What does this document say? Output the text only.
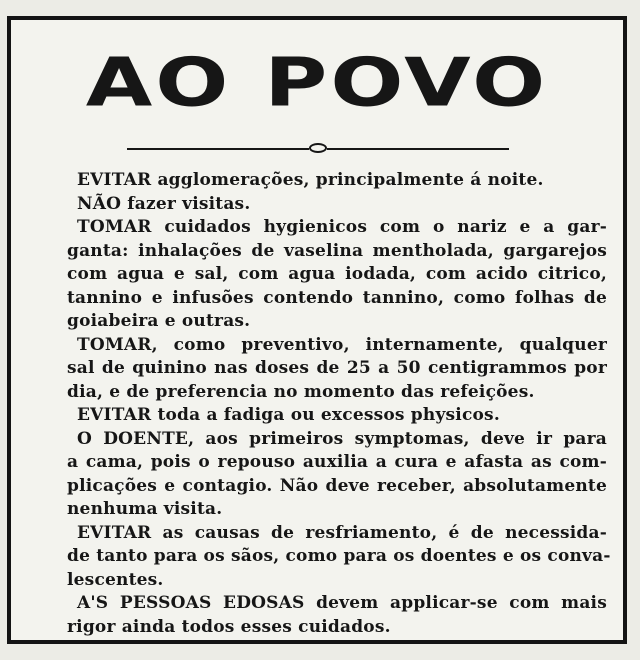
AO POVO
EVITAR agglomerações, principalmente á noite.
NÃO fazer visitas.
TOMAR cuidados hygienicos com o nariz e a gar-
ganta: inhalações de vaselina mentholada, gargarejos
com agua e sal, com agua iodada, com acido citrico,
tannino e infusões contendo tannino, como folhas de
goiabeira e outras.
TOMAR, como preventivo, internamente, qualquer
sal de quinino nas doses de 25 a 50 centigrammos por
dia, e de preferencia no momento das refeições.
EVITAR toda a fadiga ou excessos physicos.
O DOENTE, aos primeiros symptomas, deve ir para
a cama, pois o repouso auxilia a cura e afasta as com-
plicações e contagio. Não deve receber, absolutamente
nenhuma visita.
EVITAR as causas de resfriamento, é de necessida-
de tanto para os sãos, como para os doentes e os conva-
lescentes.
A'S PESSOAS EDOSAS devem applicar-se com mais
rigor ainda todos esses cuidados.
